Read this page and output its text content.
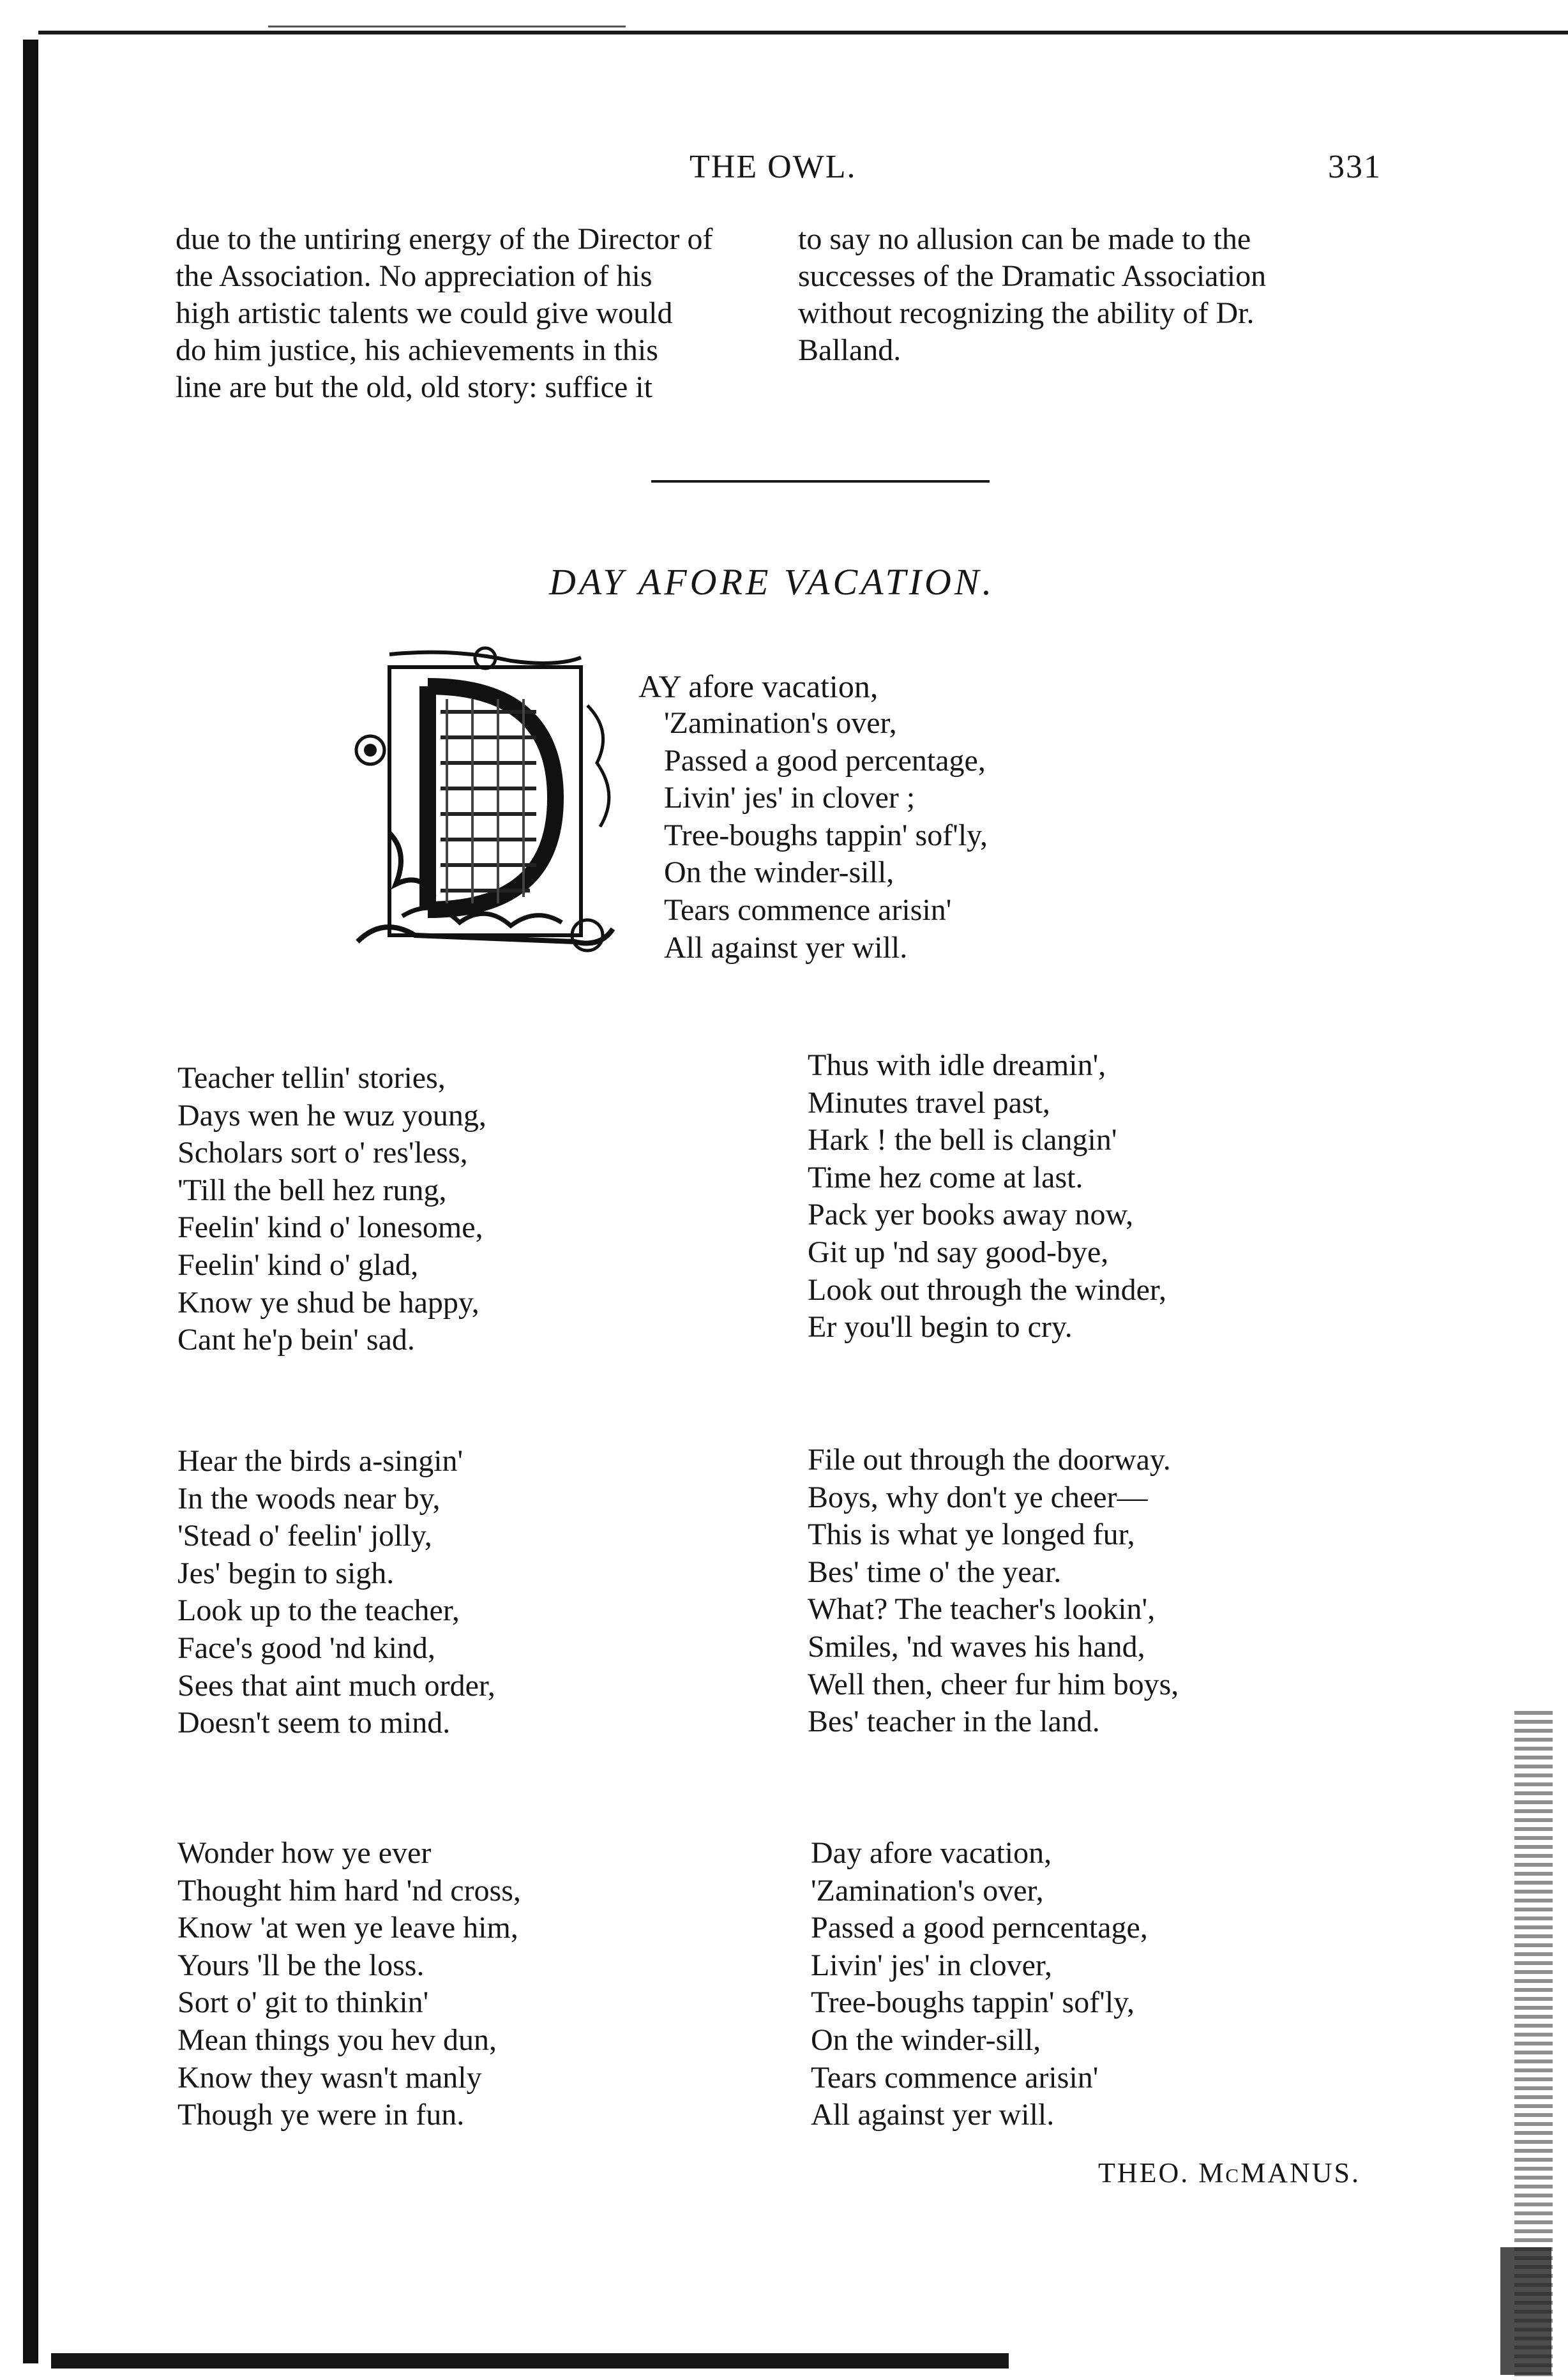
THE OWL.	331
due to the untiring energy of the Director of
the Association. No appreciation of his
high artistic talents we could give would
do him justice, his achievements in this
line are but the old, old story: suffice it
to say no allusion can be made to the
successes of the Dramatic Association
without recognizing the ability of Dr.
Balland.
DAY AFORE VACATION.
AY afore vacation,
'Zamination's over,
Passed a good percentage,
Livin' jes' in clover ;
Tree-boughs tappin' sof'ly,
On the winder-sill,
Tears commence arisin'
All against yer will.
Teacher tellin' stories,
Days wen he wuz young,
Scholars sort o' res'less,
'Till the bell hez rung,
Feelin' kind o' lonesome,
Feelin' kind o' glad,
Know ye shud be happy,
Cant he'p bein' sad.
Hear the birds a-singin'
In the woods near by,
'Stead o' feelin' jolly,
Jes' begin to sigh.
Look up to the teacher,
Face's good 'nd kind,
Sees that aint much order,
Doesn't seem to mind.
Wonder how ye ever
Thought him hard 'nd cross,
Know 'at wen ye leave him,
Yours 'll be the loss.
Sort o' git to thinkin'
Mean things you hev dun,
Know they wasn't manly
Though ye were in fun.
Thus with idle dreamin',
Minutes travel past,
Hark ! the bell is clangin'
Time hez come at last.
Pack yer books away now,
Git up 'nd say good-bye,
Look out through the winder,
Er you'll begin to cry.
File out through the doorway.
Boys, why don't ye cheer—
This is what ye longed fur,
Bes' time o' the year.
What? The teacher's lookin',
Smiles, 'nd waves his hand,
Well then, cheer fur him boys,
Bes' teacher in the land.
Day afore vacation,
'Zamination's over,
Passed a good perncentage,
Livin' jes' in clover,
Tree-boughs tappin' sof'ly,
On the winder-sill,
Tears commence arisin'
All against yer will.
THEO. McMANUS.
